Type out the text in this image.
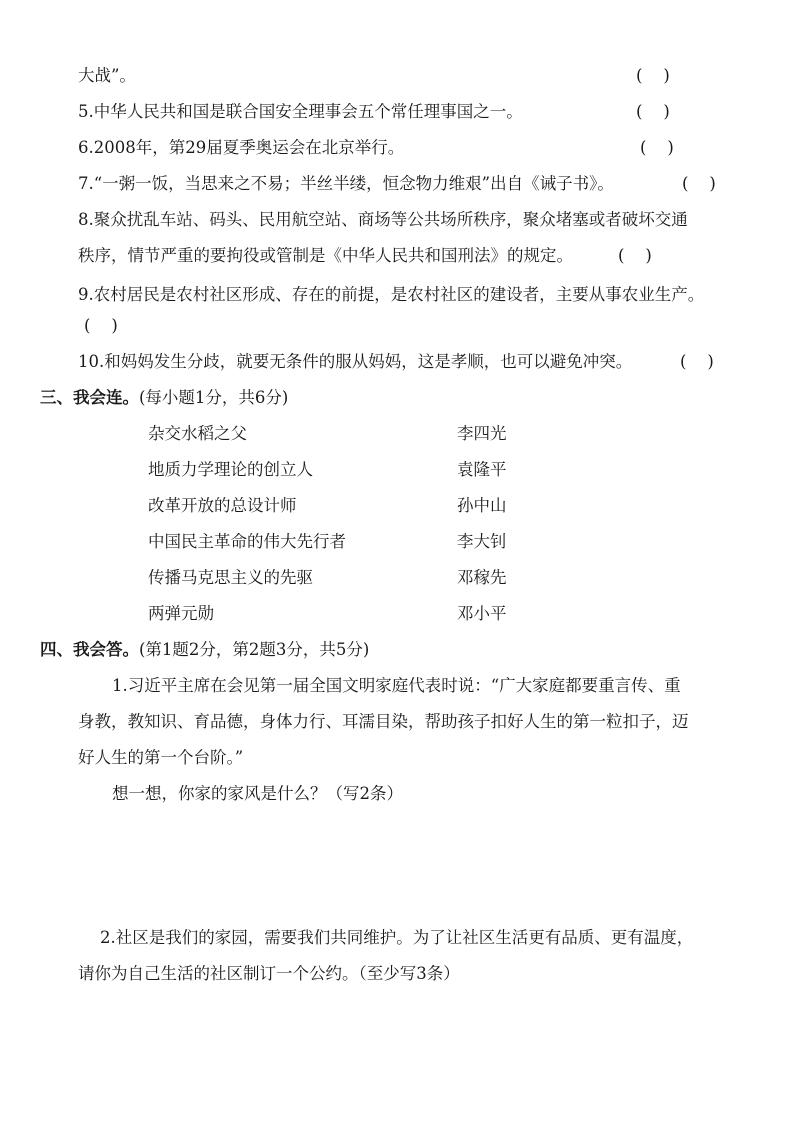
大战”。	(    )
5.中华人民共和国是联合国安全理事会五个常任理事国之一。	(    )
6.2008年，第29届夏季奥运会在北京举行。	(    )
7.“一粥一饭，当思来之不易；半丝半缕，恒念物力维艰”出自《诫子书》。	(    )
8.聚众扰乱车站、码头、民用航空站、商场等公共场所秩序，聚众堵塞或者破坏交通
秩序，情节严重的要拘役或管制是《中华人民共和国刑法》的规定。	(    )
9.农村居民是农村社区形成、存在的前提，是农村社区的建设者，主要从事农业生产。
(    )
10.和妈妈发生分歧，就要无条件的服从妈妈，这是孝顺，也可以避免冲突。	(    )
三、我会连。(每小题1分，共6分)
杂交水稻之父	李四光
地质力学理论的创立人	袁隆平
改革开放的总设计师	孙中山
中国民主革命的伟大先行者	李大钊
传播马克思主义的先驱	邓稼先
两弹元勋	邓小平
四、我会答。(第1题2分，第2题3分，共5分)
1.习近平主席在会见第一届全国文明家庭代表时说：“广大家庭都要重言传、重
身教，教知识、育品德，身体力行、耳濡目染，帮助孩子扣好人生的第一粒扣子，迈
好人生的第一个台阶。”
想一想，你家的家风是什么？（写2条）
2.社区是我们的家园，需要我们共同维护。为了让社区生活更有品质、更有温度，
请你为自己生活的社区制订一个公约。（至少写3条）
